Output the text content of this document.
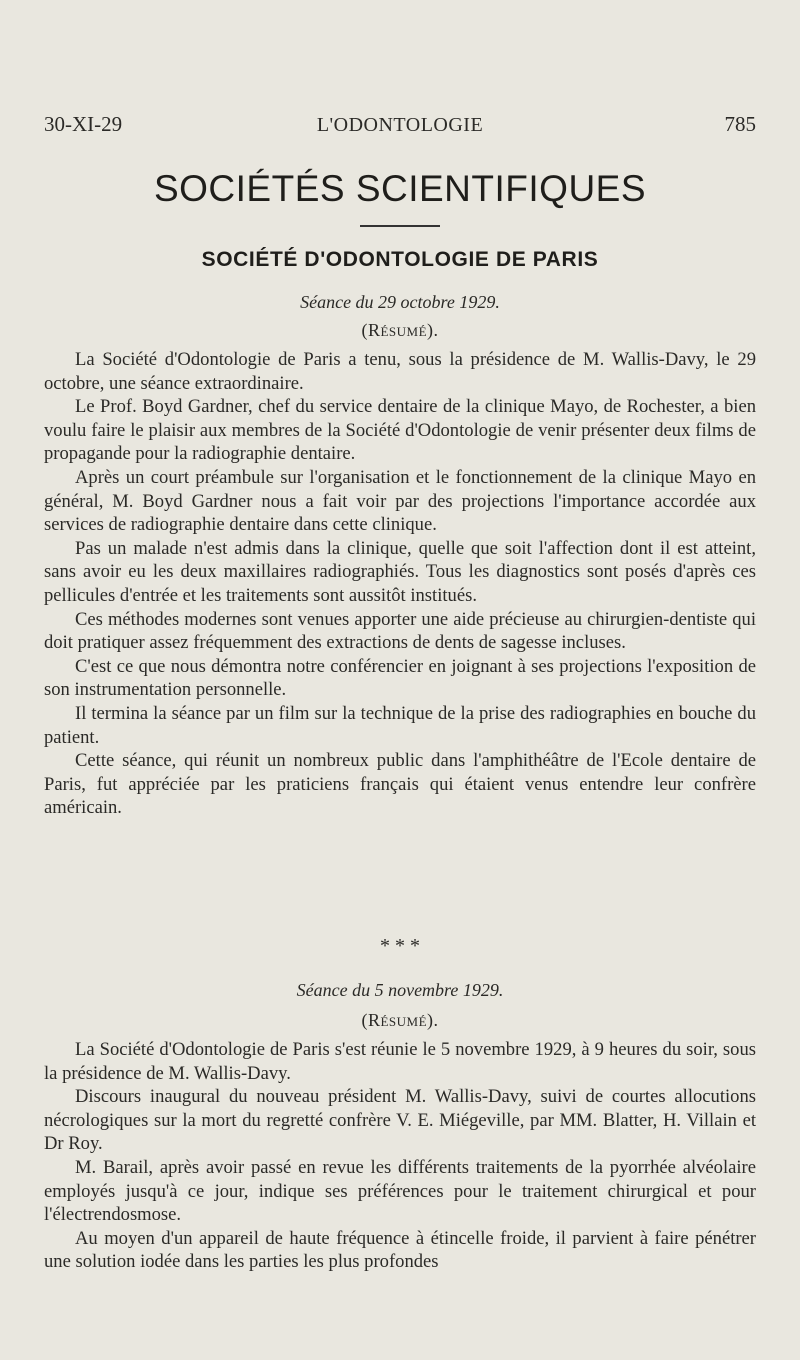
30-XI-29	L'ODONTOLOGIE	785
SOCIÉTÉS SCIENTIFIQUES
SOCIÉTÉ D'ODONTOLOGIE DE PARIS
Séance du 29 octobre 1929.
(Résumé).

La Société d'Odontologie de Paris a tenu, sous la présidence de M. Wallis-Davy, le 29 octobre, une séance extraordinaire.

Le Prof. Boyd Gardner, chef du service dentaire de la clinique Mayo, de Rochester, a bien voulu faire le plaisir aux membres de la Société d'Odontologie de venir présenter deux films de propagande pour la radiographie dentaire.

Après un court préambule sur l'organisation et le fonctionnement de la clinique Mayo en général, M. Boyd Gardner nous a fait voir par des projections l'importance accordée aux services de radiographie dentaire dans cette clinique.

Pas un malade n'est admis dans la clinique, quelle que soit l'affection dont il est atteint, sans avoir eu les deux maxillaires radiographiés. Tous les diagnostics sont posés d'après ces pellicules d'entrée et les traitements sont aussitôt institués.

Ces méthodes modernes sont venues apporter une aide précieuse au chirurgien-dentiste qui doit pratiquer assez fréquemment des extractions de dents de sagesse incluses.

C'est ce que nous démontra notre conférencier en joignant à ses projections l'exposition de son instrumentation personnelle.

Il termina la séance par un film sur la technique de la prise des radiographies en bouche du patient.

Cette séance, qui réunit un nombreux public dans l'amphithéâtre de l'Ecole dentaire de Paris, fut appréciée par les praticiens français qui étaient venus entendre leur confrère américain.

* * *
Séance du 5 novembre 1929.
(Résumé).

La Société d'Odontologie de Paris s'est réunie le 5 novembre 1929, à 9 heures du soir, sous la présidence de M. Wallis-Davy.

Discours inaugural du nouveau président M. Wallis-Davy, suivi de courtes allocutions nécrologiques sur la mort du regretté confrère V. E. Miégeville, par MM. Blatter, H. Villain et Dr Roy.

M. Barail, après avoir passé en revue les différents traitements de la pyorrhée alvéolaire employés jusqu'à ce jour, indique ses préférences pour le traitement chirurgical et pour l'électrendosmose.

Au moyen d'un appareil de haute fréquence à étincelle froide, il parvient à faire pénétrer une solution iodée dans les parties les plus profondes
